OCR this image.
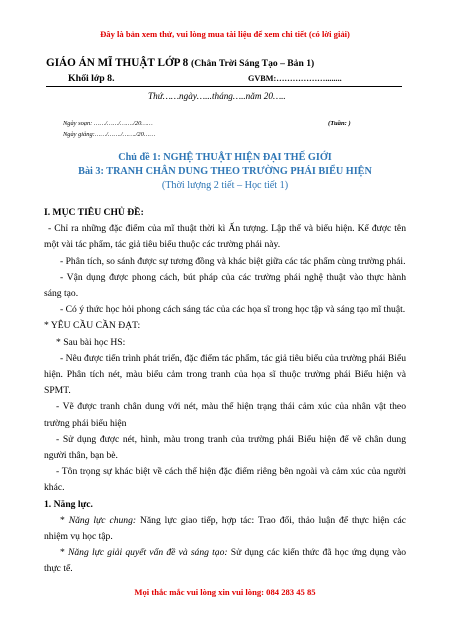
Đây là bản xem thử, vui lòng mua tài liệu để xem chi tiết (có lời giải)
GIÁO ÁN MĨ THUẬT LỚP 8 (Chân Trời Sáng Tạo – Bản 1)
Khối lớp 8.	GVBM:………………........
Thứ……ngày…...tháng…..năm 20…..
Ngày soạn: ……/……/……./20……
Ngày giảng:……/……./……./20……
(Tuần: )
Chủ đề 1: NGHỆ THUẬT HIỆN ĐẠI THẾ GIỚI
Bài 3: TRANH CHÂN DUNG THEO TRƯỜNG PHÁI BIỂU HIỆN
(Thời lượng 2 tiết – Học tiết 1)

I. MỤC TIÊU CHỦ ĐỀ:

- Chỉ ra những đặc điểm của mĩ thuật thời kì Ấn tượng. Lập thể và biểu hiện. Kể được tên một vài tác phẩm, tác giả tiêu biểu thuộc các trường phái này.

- Phân tích, so sánh được sự tương đồng và khác biệt giữa các tác phẩm cùng trường phái.

- Vận dụng được phong cách, bút pháp của các trường phái nghệ thuật vào thực hành sáng tạo.

- Có ý thức học hỏi phong cách sáng tác của các họa sĩ trong học tập và sáng tạo mĩ thuật.

* YÊU CẦU CẦN ĐẠT:

* Sau bài học HS:

- Nêu được tiến trình phát triển, đặc điểm tác phẩm, tác giả tiêu biểu của trường phái Biểu hiện. Phân tích nét, màu biểu cảm trong tranh của họa sĩ thuộc trường phái Biểu hiện và SPMT.

- Vẽ được tranh chân dung với nét, màu thể hiện trạng thái cảm xúc của nhân vật theo trường phái biểu hiện

- Sử dụng được nét, hình, màu trong tranh của trường phái Biểu hiện để vẽ chân dung người thân, bạn bè.

- Tôn trọng sự khác biệt về cách thể hiện đặc điểm riêng bên ngoài và cảm xúc của người khác.

1. Năng lực.

* Năng lực chung: Năng lực giao tiếp, hợp tác: Trao đổi, thảo luận để thực hiện các nhiệm vụ học tập.

* Năng lực giải quyết vấn đề và sáng tạo: Sử dụng các kiến thức đã học ứng dụng vào thực tế.

Mọi thắc mắc vui lòng xin vui lòng: 084 283 45 85
